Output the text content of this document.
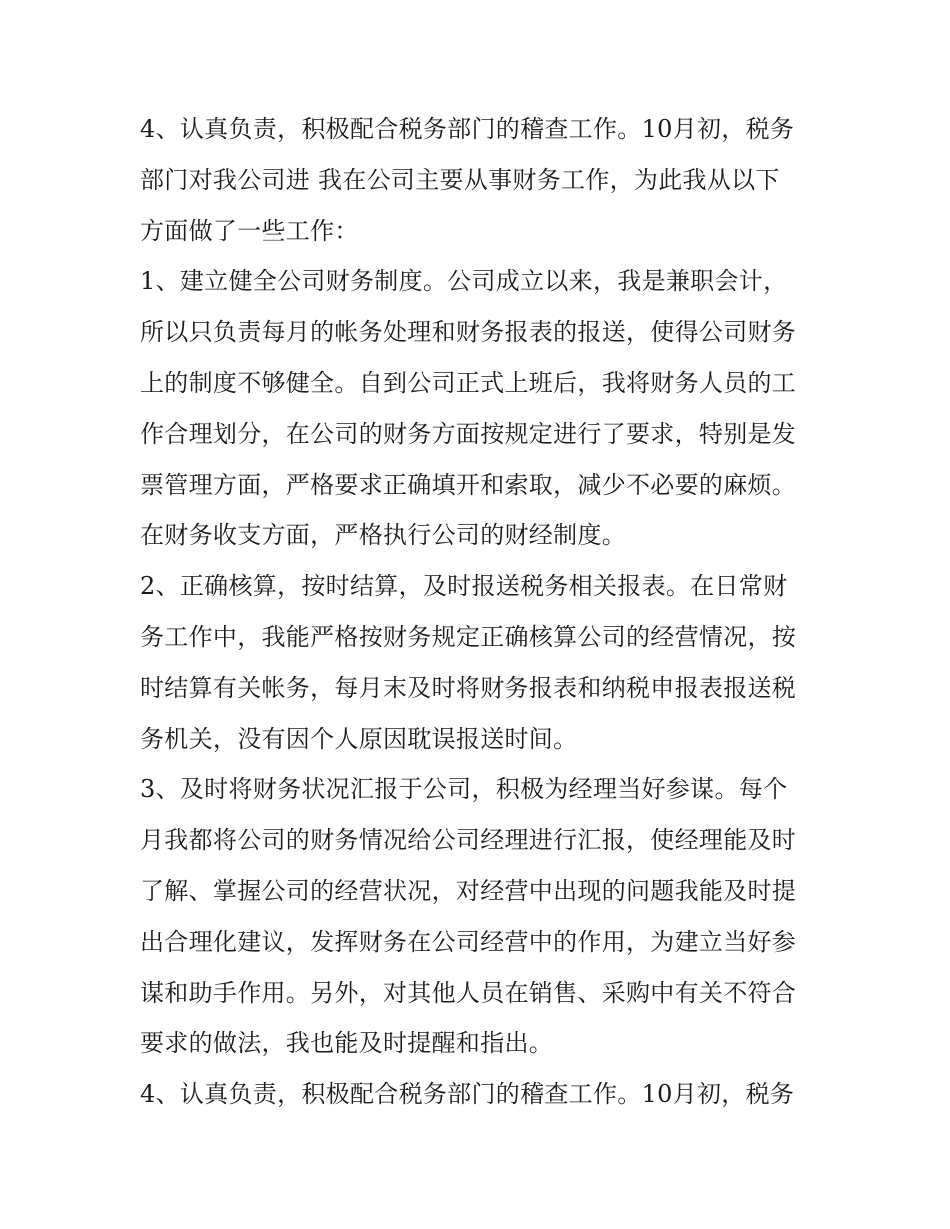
4、认真负责，积极配合税务部门的稽查工作。10月初，税务
部门对我公司进 我在公司主要从事财务工作，为此我从以下
方面做了一些工作：
1、建立健全公司财务制度。公司成立以来，我是兼职会计，
所以只负责每月的帐务处理和财务报表的报送，使得公司财务
上的制度不够健全。自到公司正式上班后，我将财务人员的工
作合理划分，在公司的财务方面按规定进行了要求，特别是发
票管理方面，严格要求正确填开和索取，减少不必要的麻烦。
在财务收支方面，严格执行公司的财经制度。
2、正确核算，按时结算，及时报送税务相关报表。在日常财
务工作中，我能严格按财务规定正确核算公司的经营情况，按
时结算有关帐务，每月末及时将财务报表和纳税申报表报送税
务机关，没有因个人原因耽误报送时间。
3、及时将财务状况汇报于公司，积极为经理当好参谋。每个
月我都将公司的财务情况给公司经理进行汇报，使经理能及时
了解、掌握公司的经营状况，对经营中出现的问题我能及时提
出合理化建议，发挥财务在公司经营中的作用，为建立当好参
谋和助手作用。另外，对其他人员在销售、采购中有关不符合
要求的做法，我也能及时提醒和指出。
4、认真负责，积极配合税务部门的稽查工作。10月初，税务
